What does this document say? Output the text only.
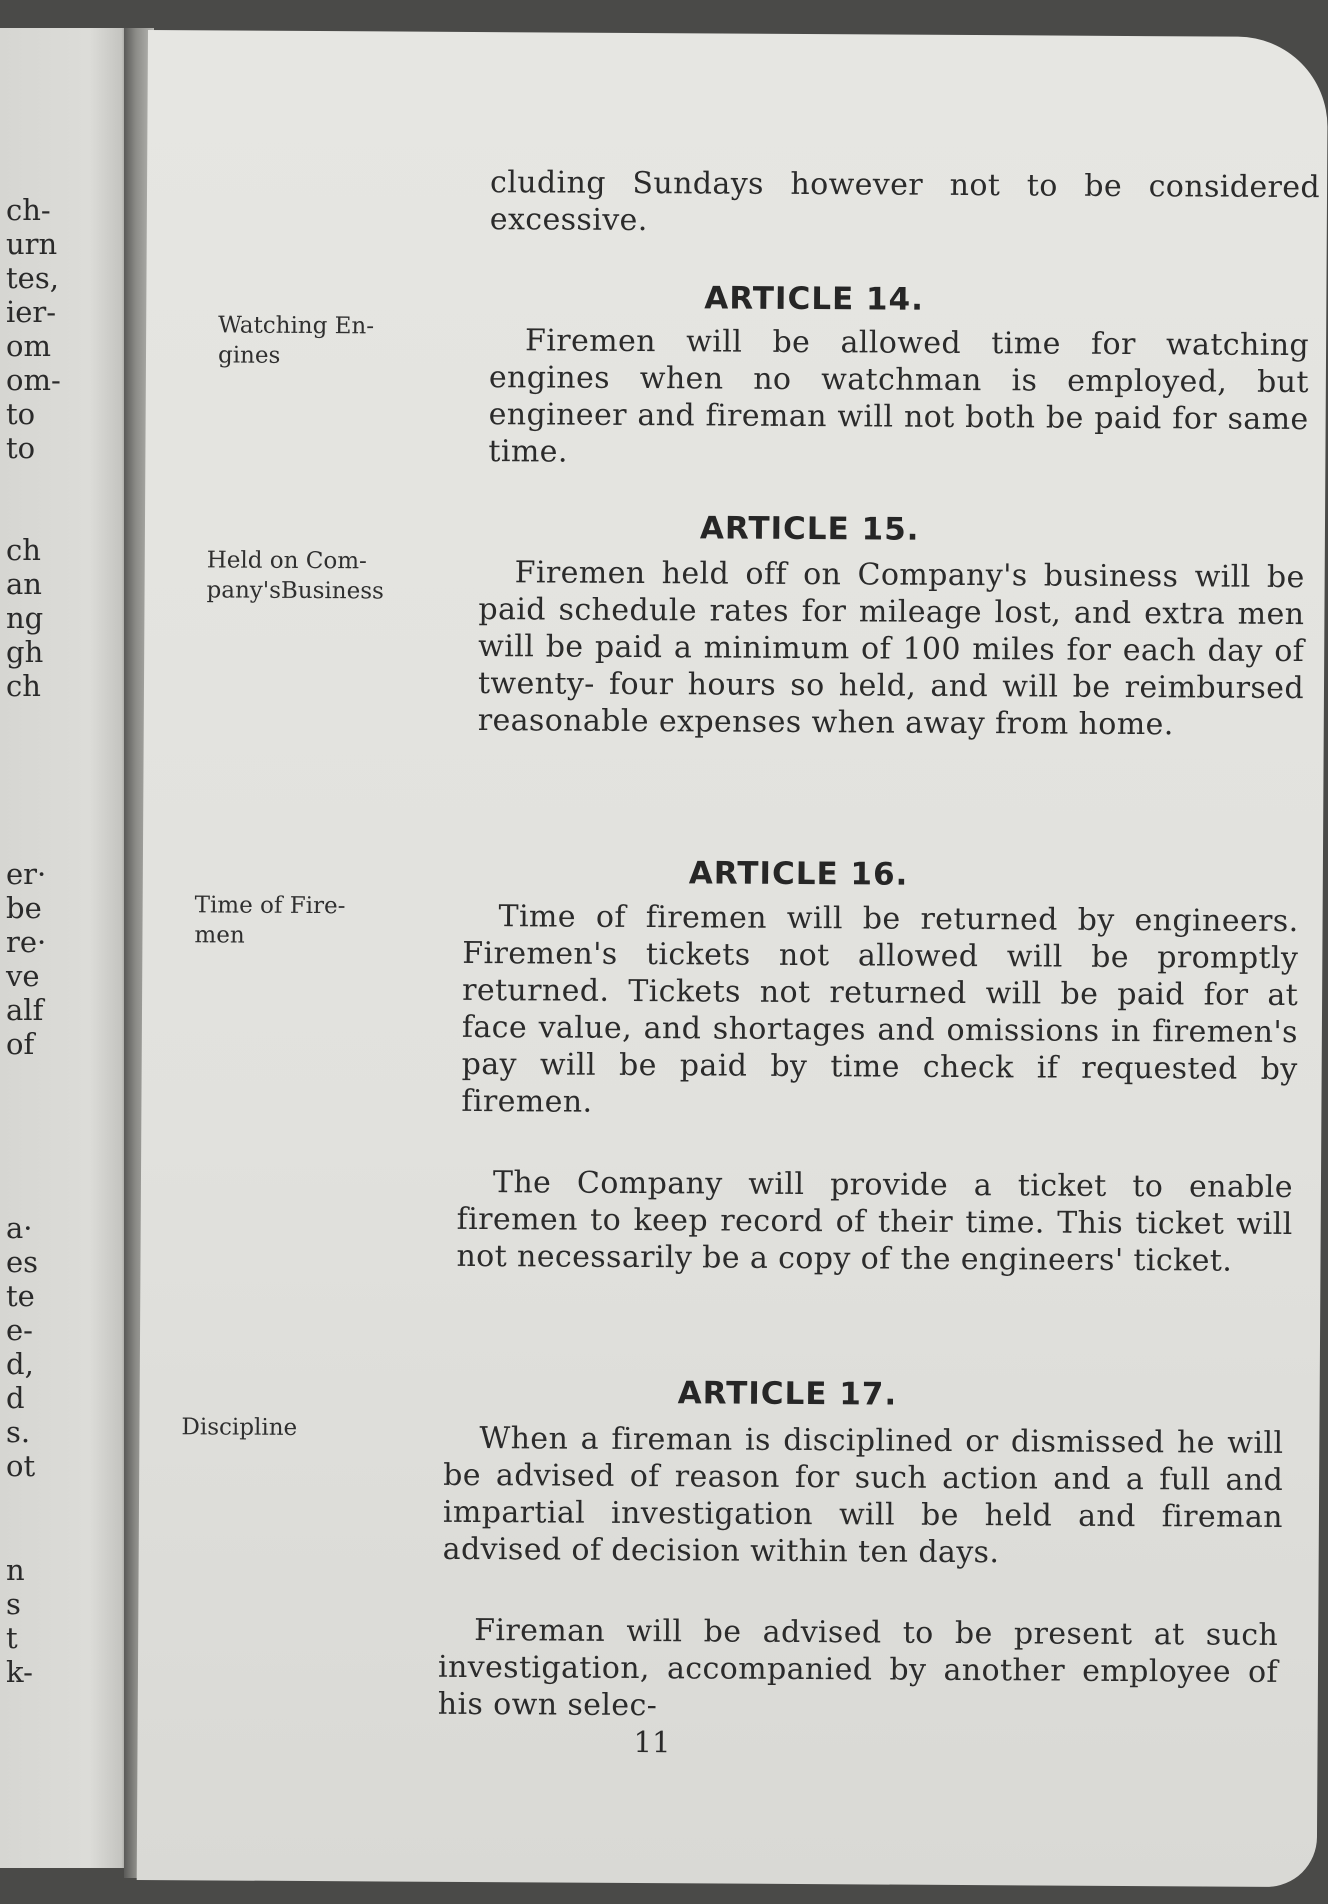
ch-
urn
tes,
ier-
om
om-
to
to
ch
an
ng
gh
ch
er·
be
re·
ve
alf
of
a·
es
te
e-
d,
d
s.
ot
n
s
t
k-

cluding Sundays however not to be considered excessive.

ARTICLE 14.

Watching En-
gines	Firemen will be allowed time for watching engines when no watchman is employed, but engineer and fireman will not both be paid for same time.

ARTICLE 15.

Held on Com-
pany'sBusiness	Firemen held off on Company's business will be paid schedule rates for mileage lost, and extra men will be paid a minimum of 100 miles for each day of twenty- four hours so held, and will be reimbursed reasonable expenses when away from home.

ARTICLE 16.

Time of Fire-
men	Time of firemen will be returned by engineers. Firemen's tickets not allowed will be promptly returned. Tickets not returned will be paid for at face value, and shortages and omissions in firemen's pay will be paid by time check if requested by firemen.

The Company will provide a ticket to enable firemen to keep record of their time. This ticket will not necessarily be a copy of the engineers' ticket.

ARTICLE 17.

Discipline	When a fireman is disciplined or dismissed he will be advised of reason for such action and a full and impartial investigation will be held and fireman advised of decision within ten days.

Fireman will be advised to be present at such investigation, accompanied by another employee of his own selec-

11
